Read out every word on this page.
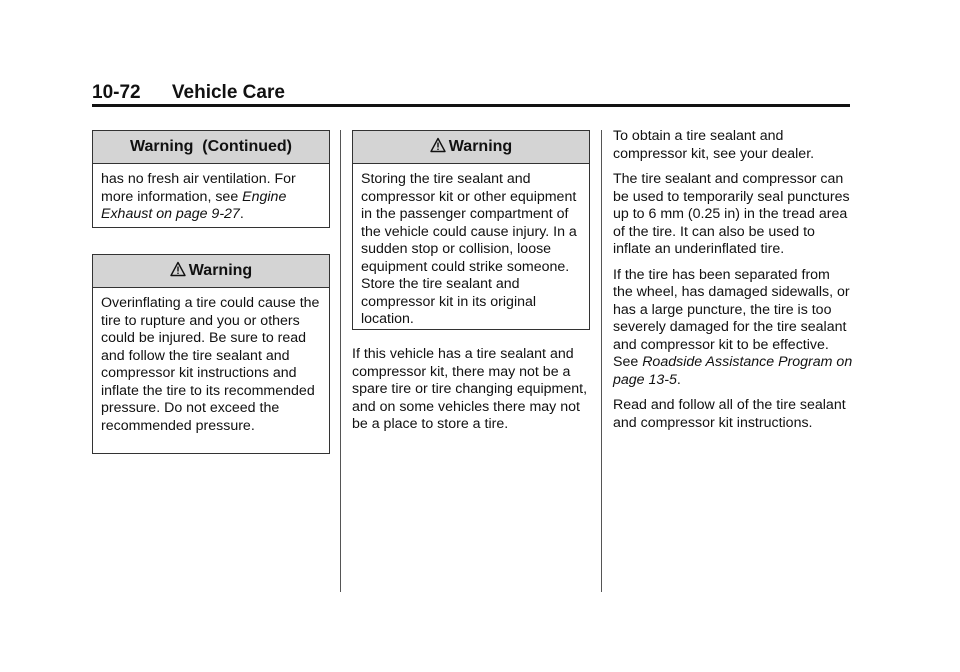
10-72 Vehicle Care
Warning  (Continued)
has no fresh air ventilation. For more information, see Engine Exhaust on page 9-27.
Warning
Overinflating a tire could cause the tire to rupture and you or others could be injured. Be sure to read and follow the tire sealant and compressor kit instructions and inflate the tire to its recommended pressure. Do not exceed the recommended pressure.
Warning
Storing the tire sealant and compressor kit or other equipment in the passenger compartment of the vehicle could cause injury. In a sudden stop or collision, loose equipment could strike someone. Store the tire sealant and compressor kit in its original location.

If this vehicle has a tire sealant and compressor kit, there may not be a spare tire or tire changing equipment, and on some vehicles there may not be a place to store a tire.

To obtain a tire sealant and compressor kit, see your dealer.

The tire sealant and compressor can be used to temporarily seal punctures up to 6 mm (0.25 in) in the tread area of the tire. It can also be used to inflate an underinflated tire.

If the tire has been separated from the wheel, has damaged sidewalls, or has a large puncture, the tire is too severely damaged for the tire sealant and compressor kit to be effective. See Roadside Assistance Program on page 13-5.

Read and follow all of the tire sealant and compressor kit instructions.
